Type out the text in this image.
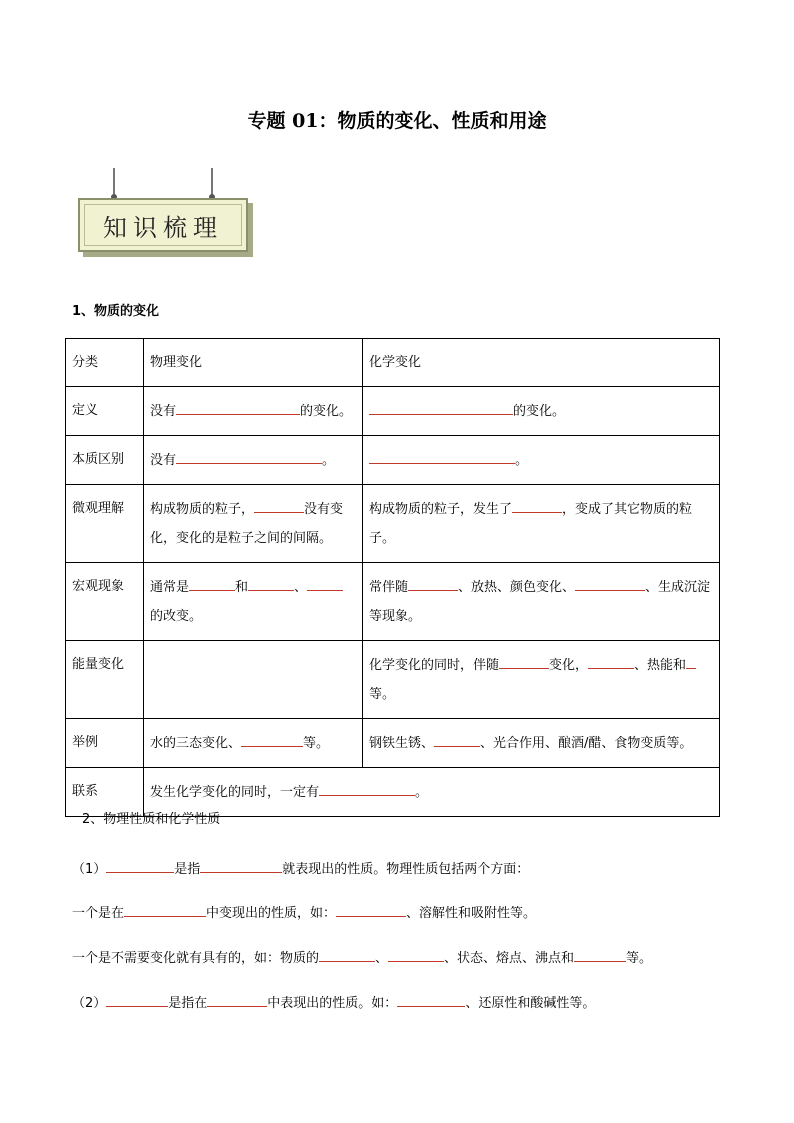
专题 01：物质的变化、性质和用途
知识梳理
1、物质的变化
分类	物理变化	化学变化
定义	没有 的变化。	的变化。
本质区别	没有 。	。
微观理解	构成物质的粒子， 没有变化，变化的是粒子之间的间隔。	构成物质的粒子，发生了 ，变成了其它物质的粒子。
宏观现象	通常是 和 、的改变。	常伴随 、放热、颜色变化、 、生成沉淀等现象。
能量变化		化学变化的同时，伴随 变化， 、热能和等。
举例	水的三态变化、 等。	钢铁生锈、 、光合作用、酿酒/醋、食物变质等。
联系	发生化学变化的同时，一定有 。	
2、物理性质和化学性质
（1）	是指	就表现出的性质。物理性质包括两个方面：
一个是在	中变现出的性质，如：	、溶解性和吸附性等。
一个是不需要变化就有具有的，如：物质的	、	、状态、熔点、沸点和	等。
（2）	是指在	中表现出的性质。如：	、还原性和酸碱性等。
